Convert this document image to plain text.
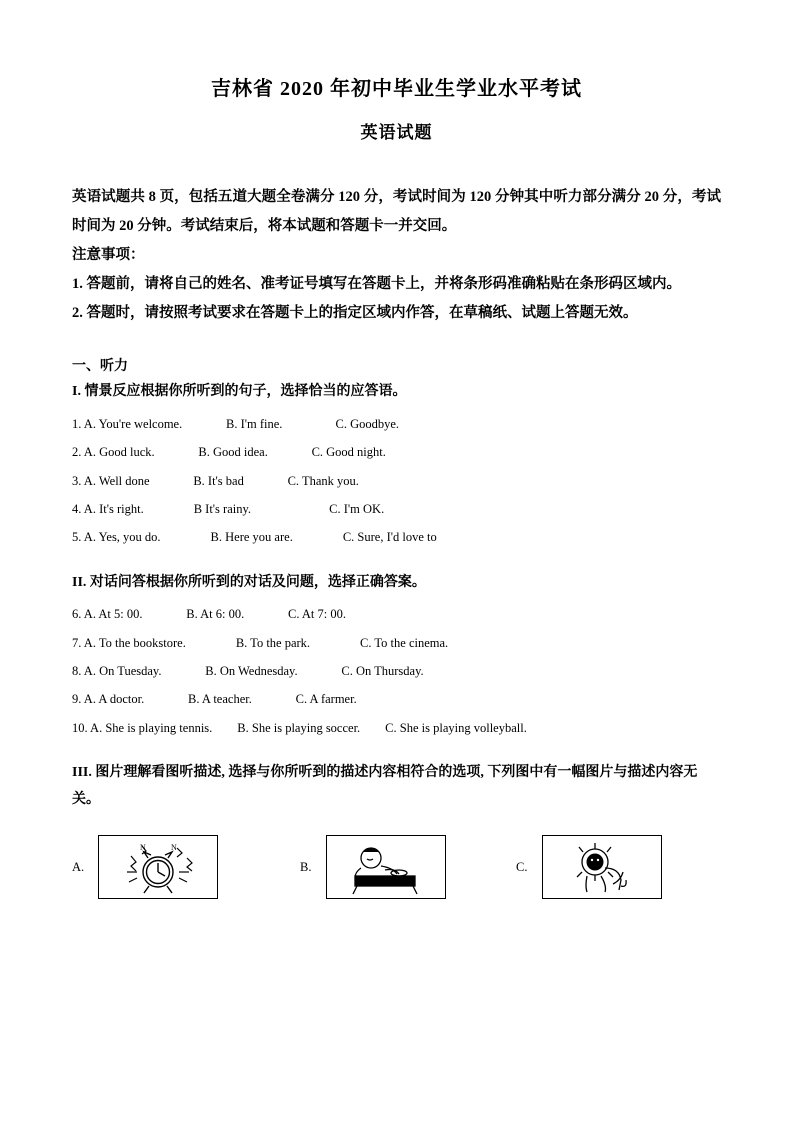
吉林省 2020 年初中毕业生学业水平考试
英语试题
英语试题共 8 页，包括五道大题全卷满分 120 分，考试时间为 120 分钟其中听力部分满分 20 分，考试时间为 20 分钟。考试结束后，将本试题和答题卡一并交回。
注意事项：
1. 答题前，请将自己的姓名、准考证号填写在答题卡上，并将条形码准确粘贴在条形码区域内。
2. 答题时，请按照考试要求在答题卡上的指定区域内作答，在草稿纸、试题上答题无效。
一、听力
I. 情景反应根据你所听到的句子，选择恰当的应答语。
1. A. You're welcome.              B. I'm fine.                 C. Goodbye.
2. A. Good luck.              B. Good idea.              C. Good night.
3. A. Well done              B. It's bad              C. Thank you.
4. A. It's right.                B It's rainy.                         C. I'm OK.
5. A. Yes, you do.                B. Here you are.                C. Sure, I'd love to
II. 对话问答根据你所听到的对话及问题，选择正确答案。
6. A. At 5: 00.              B. At 6: 00.              C. At 7: 00.
7. A. To the bookstore.                B. To the park.                C. To the cinema.
8. A. On Tuesday.              B. On Wednesday.              C. On Thursday.
9. A. A doctor.              B. A teacher.              C. A farmer.
10. A. She is playing tennis.        B. She is playing soccer.        C. She is playing volleyball.
III. 图片理解看图听描述, 选择与你所听到的描述内容相符合的选项, 下列图中有一幅图片与描述内容无关。
A.
N	N
B.	C.
